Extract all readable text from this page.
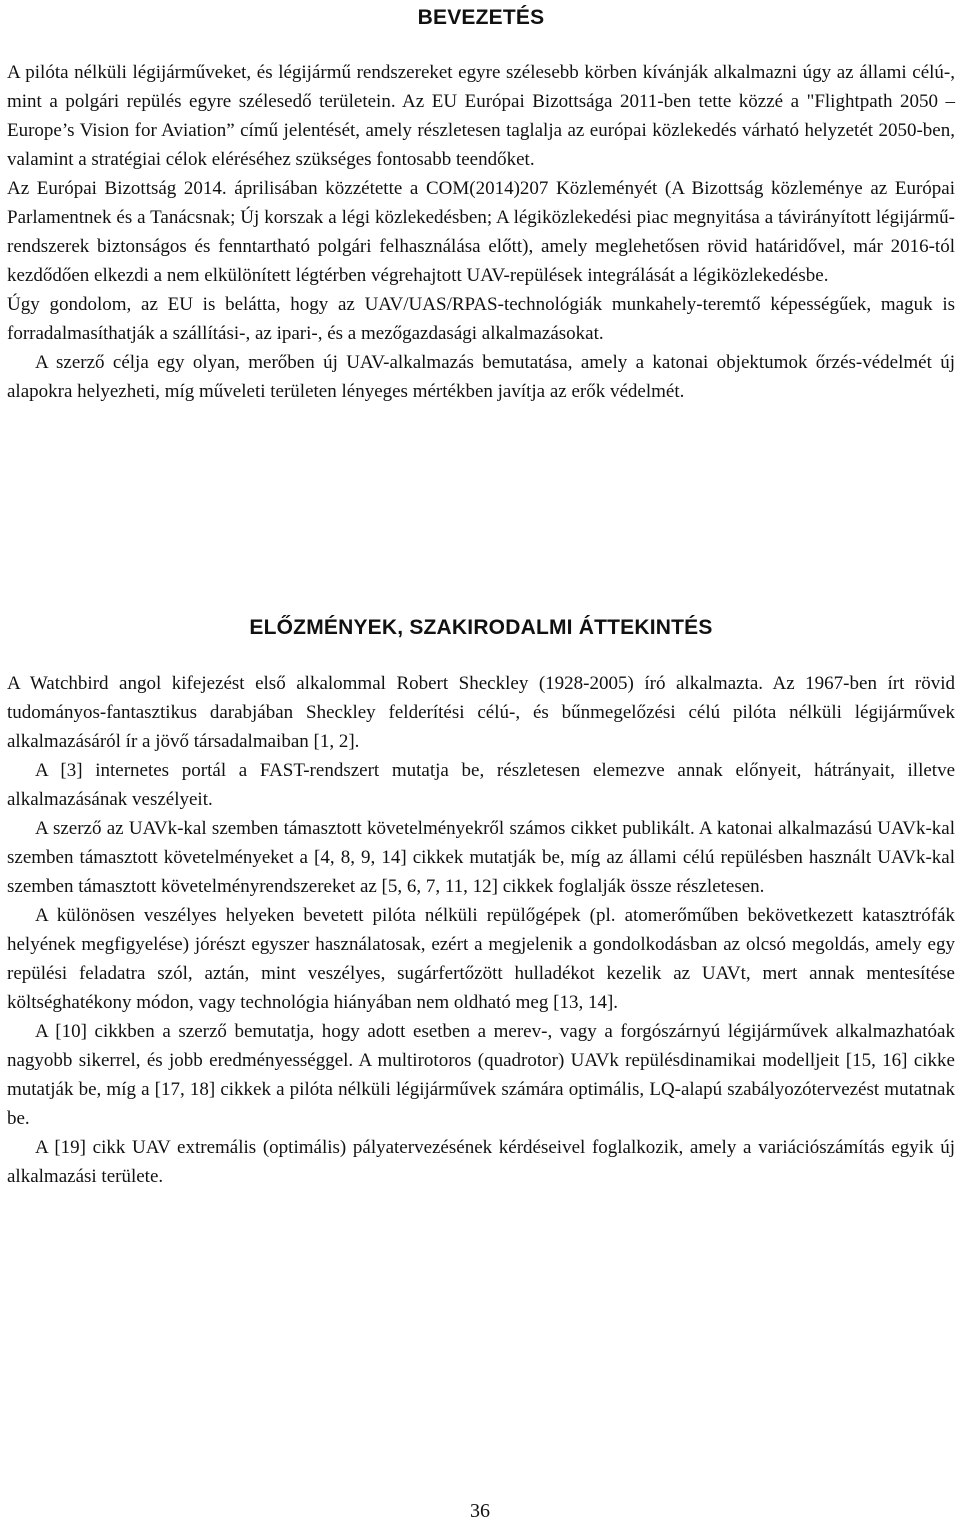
BEVEZETÉS

A pilóta nélküli légijárműveket, és légijármű rendszereket egyre szélesebb körben kívánják alkalmazni úgy az állami célú-, mint a polgári repülés egyre szélesedő területein. Az EU Európai Bizottsága 2011-ben tette közzé a "Flightpath 2050 – Europe’s Vision for Aviation” című jelentését, amely részletesen taglalja az európai közlekedés várható helyzetét 2050-ben, valamint a stratégiai célok eléréséhez szükséges fontosabb teendőket.

Az Európai Bizottság 2014. áprilisában közzétette a COM(2014)207 Közleményét (A Bizottság közleménye az Európai Parlamentnek és a Tanácsnak; Új korszak a légi közlekedésben; A légiközlekedési piac megnyitása a távirányított légijármű-rendszerek biztonságos és fenntartható polgári felhasználása előtt), amely meglehetősen rövid határidővel, már 2016-tól kezdődően elkezdi a nem elkülönített légtérben végrehajtott UAV-repülések integrálását a légiközlekedésbe.

Úgy gondolom, az EU is belátta, hogy az UAV/UAS/RPAS-technológiák munkahely-teremtő képességűek, maguk is forradalmasíthatják a szállítási-, az ipari-, és a mezőgazdasági alkalmazásokat.

A szerző célja egy olyan, merőben új UAV-alkalmazás bemutatása, amely a katonai objektumok őrzés-védelmét új alapokra helyezheti, míg műveleti területen lényeges mértékben javítja az erők védelmét.

ELŐZMÉNYEK, SZAKIRODALMI ÁTTEKINTÉS

A Watchbird angol kifejezést első alkalommal Robert Sheckley (1928-2005) író alkalmazta. Az 1967-ben írt rövid tudományos-fantasztikus darabjában Sheckley felderítési célú-, és bűnmegelőzési célú pilóta nélküli légijárművek alkalmazásáról ír a jövő társadalmaiban [1, 2].

A [3] internetes portál a FAST-rendszert mutatja be, részletesen elemezve annak előnyeit, hátrányait, illetve alkalmazásának veszélyeit.

A szerző az UAVk-kal szemben támasztott követelményekről számos cikket publikált. A katonai alkalmazású UAVk-kal szemben támasztott követelményeket a [4, 8, 9, 14] cikkek mutatják be, míg az állami célú repülésben használt UAVk-kal szemben támasztott követelményrendszereket az [5, 6, 7, 11, 12] cikkek foglalják össze részletesen.

A különösen veszélyes helyeken bevetett pilóta nélküli repülőgépek (pl. atomerőműben bekövetkezett katasztrófák helyének megfigyelése) jórészt egyszer használatosak, ezért a megjelenik a gondolkodásban az olcsó megoldás, amely egy repülési feladatra szól, aztán, mint veszélyes, sugárfertőzött hulladékot kezelik az UAVt, mert annak mentesítése költséghatékony módon, vagy technológia hiányában nem oldható meg [13, 14].

A [10] cikkben a szerző bemutatja, hogy adott esetben a merev-, vagy a forgószárnyú légijárművek alkalmazhatóak nagyobb sikerrel, és jobb eredményességgel. A multirotoros (quadrotor) UAVk repülésdinamikai modelljeit [15, 16] cikke mutatják be, míg a [17, 18] cikkek a pilóta nélküli légijárművek számára optimális, LQ-alapú szabályozótervezést mutatnak be.

A [19] cikk UAV extremális (optimális) pályatervezésének kérdéseivel foglalkozik, amely a variációszámítás egyik új alkalmazási területe.

36
